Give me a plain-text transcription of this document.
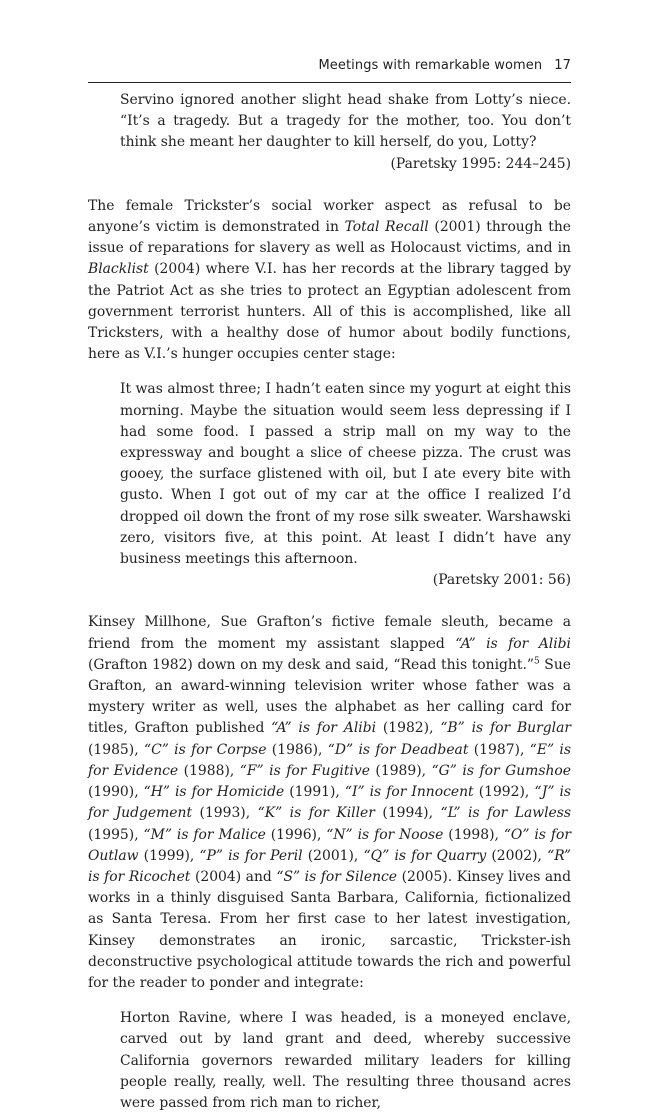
Meetings with remarkable women 17

Servino ignored another slight head shake from Lotty’s niece. “It’s a tragedy. But a tragedy for the mother, too. You don’t think she meant her daughter to kill herself, do you, Lotty?

(Paretsky 1995: 244–245)

The female Trickster’s social worker aspect as refusal to be anyone’s victim is demonstrated in Total Recall (2001) through the issue of reparations for slavery as well as Holocaust victims, and in Blacklist (2004) where V.I. has her records at the library tagged by the Patriot Act as she tries to protect an Egyptian adolescent from government terrorist hunters. All of this is accomplished, like all Tricksters, with a healthy dose of humor about bodily functions, here as V.I.’s hunger occupies center stage:

It was almost three; I hadn’t eaten since my yogurt at eight this morning. Maybe the situation would seem less depressing if I had some food. I passed a strip mall on my way to the expressway and bought a slice of cheese pizza. The crust was gooey, the surface glistened with oil, but I ate every bite with gusto. When I got out of my car at the office I realized I’d dropped oil down the front of my rose silk sweater. Warshawski zero, visitors five, at this point. At least I didn’t have any business meetings this afternoon.

(Paretsky 2001: 56)

Kinsey Millhone, Sue Grafton’s fictive female sleuth, became a friend from the moment my assistant slapped “A” is for Alibi (Grafton 1982) down on my desk and said, “Read this tonight.”$^5$ Sue Grafton, an award-winning television writer whose father was a mystery writer as well, uses the alphabet as her calling card for titles, Grafton published “A” is for Alibi (1982), “B” is for Burglar (1985), “C” is for Corpse (1986), “D” is for Deadbeat (1987), “E” is for Evidence (1988), “F” is for Fugitive (1989), “G” is for Gumshoe (1990), “H” is for Homicide (1991), “I” is for Innocent (1992), “J” is for Judgement (1993), “K” is for Killer (1994), “L” is for Lawless (1995), “M” is for Malice (1996), “N” is for Noose (1998), “O” is for Outlaw (1999), “P” is for Peril (2001), “Q” is for Quarry (2002), “R” is for Ricochet (2004) and “S” is for Silence (2005). Kinsey lives and works in a thinly disguised Santa Barbara, California, fictionalized as Santa Teresa. From her first case to her latest investigation, Kinsey demonstrates an ironic, sarcastic, Trickster-ish deconstructive psychological attitude towards the rich and powerful for the reader to ponder and integrate:

Horton Ravine, where I was headed, is a moneyed enclave, carved out by land grant and deed, whereby successive California governors rewarded military leaders for killing people really, really, well. The resulting three thousand acres were passed from rich man to richer,
